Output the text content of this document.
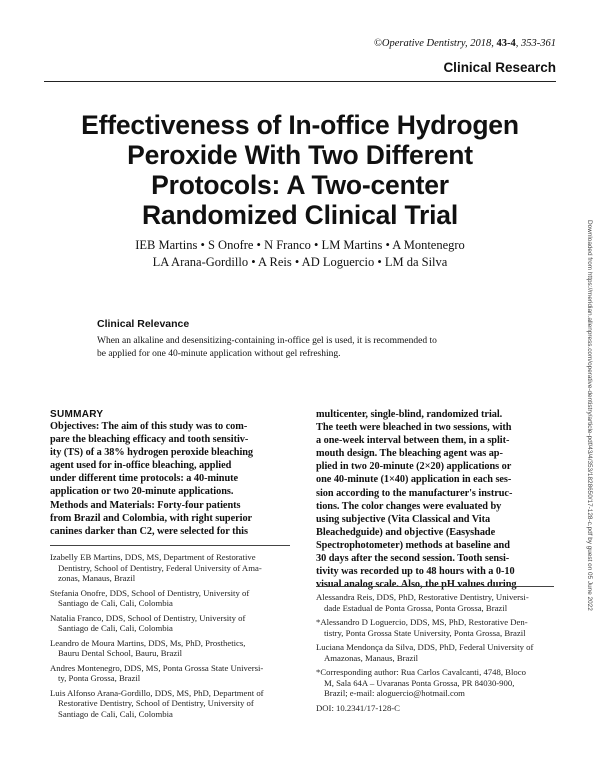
©Operative Dentistry, 2018, 43-4, 353-361
Clinical Research
Effectiveness of In-office Hydrogen
Peroxide With Two Different
Protocols: A Two-center
Randomized Clinical Trial
IEB Martins • S Onofre • N Franco • LM Martins • A Montenegro
LA Arana-Gordillo • A Reis • AD Loguercio • LM da Silva
Clinical Relevance
When an alkaline and desensitizing-containing in-office gel is used, it is recommended to
be applied for one 40-minute application without gel refreshing.
SUMMARY
Objectives: The aim of this study was to com-
pare the bleaching efficacy and tooth sensitiv-
ity (TS) of a 38% hydrogen peroxide bleaching
agent used for in-office bleaching, applied
under different time protocols: a 40-minute
application or two 20-minute applications.
Methods and Materials: Forty-four patients
from Brazil and Colombia, with right superior
canines darker than C2, were selected for this
multicenter, single-blind, randomized trial.
The teeth were bleached in two sessions, with
a one-week interval between them, in a split-
mouth design. The bleaching agent was ap-
plied in two 20-minute (2×20) applications or
one 40-minute (1×40) application in each ses-
sion according to the manufacturer's instruc-
tions. The color changes were evaluated by
using subjective (Vita Classical and Vita
Bleachedguide) and objective (Easyshade
Spectrophotometer) methods at baseline and
30 days after the second session. Tooth sensi-
tivity was recorded up to 48 hours with a 0-10
visual analog scale. Also, the pH values during
Izabelly EB Martins, DDS, MS, Department of Restorative
Dentistry, School of Dentistry, Federal University of Ama-
zonas, Manaus, Brazil
Stefania Onofre, DDS, School of Dentistry, University of
Santiago de Cali, Cali, Colombia
Natalia Franco, DDS, School of Dentistry, University of
Santiago de Cali, Cali, Colombia
Leandro de Moura Martins, DDS, Ms, PhD, Prosthetics,
Bauru Dental School, Bauru, Brazil
Andres Montenegro, DDS, MS, Ponta Grossa State Universi-
ty, Ponta Grossa, Brazil
Luis Alfonso Arana-Gordillo, DDS, MS, PhD, Department of
Restorative Dentistry, School of Dentistry, University of
Santiago de Cali, Cali, Colombia
Alessandra Reis, DDS, PhD, Restorative Dentistry, Universi-
dade Estadual de Ponta Grossa, Ponta Grossa, Brazil
*Alessandro D Loguercio, DDS, MS, PhD, Restorative Den-
tistry, Ponta Grossa State University, Ponta Grossa, Brazil
Luciana Mendonça da Silva, DDS, PhD, Federal University of
Amazonas, Manaus, Brazil
*Corresponding author: Rua Carlos Cavalcanti, 4748, Bloco
M, Sala 64A – Uvaranas Ponta Grossa, PR 84030-900,
Brazil; e-mail: aloguercio@hotmail.com
DOI: 10.2341/17-128-C
Downloaded from https://meridian.allenpress.com/operative-dentistry/article-pdf/43/4/353/1828650/17-128-c.pdf by guest on 05 June 2022
